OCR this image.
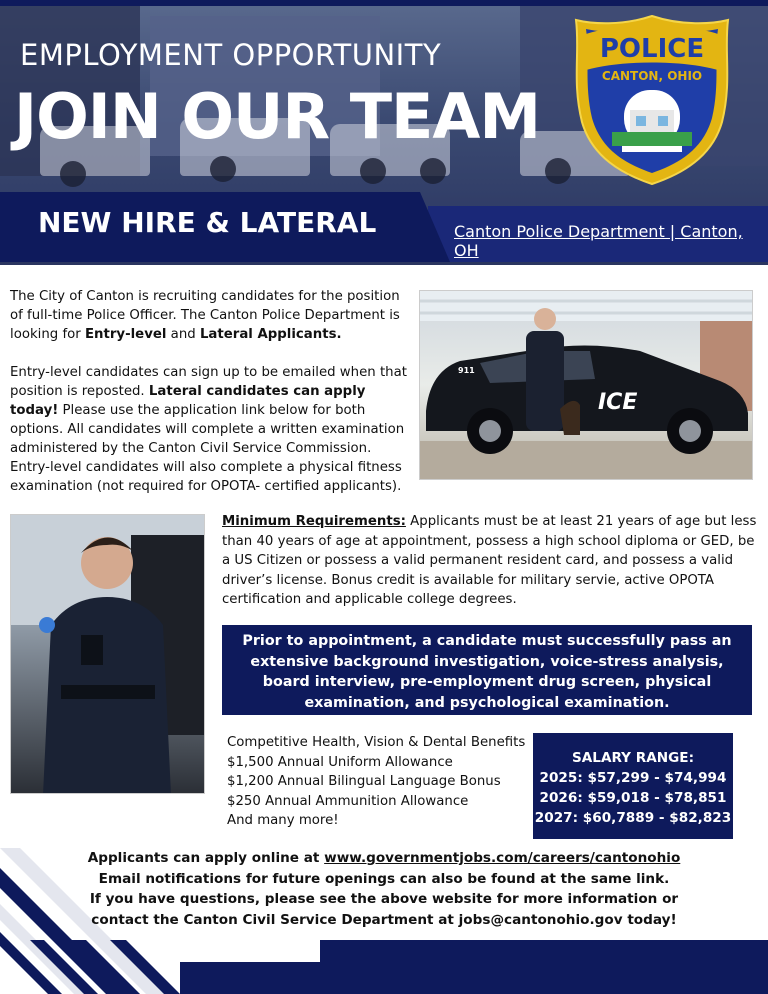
EMPLOYMENT OPPORTUNITY
JOIN OUR TEAM
POLICE
CANTON, OHIO
NEW HIRE & LATERAL	Canton Police Department | Canton, OH

The City of Canton is recruiting candidates for the position of full-time Police Officer. The Canton Police Department is looking for Entry-level and Lateral Applicants.

Entry-level candidates can sign up to be emailed when that position is reposted. Lateral candidates can apply today! Please use the application link below for both options. All candidates will complete a written examination administered by the Canton Civil Service Commission. Entry-level candidates will also complete a physical fitness examination (not required for OPOTA- certified applicants).

ICE
911
Minimum Requirements: Applicants must be at least 21 years of age but less than 40 years of age at appointment, possess a high school diploma or GED, be a US Citizen or possess a valid permanent resident card, and possess a valid driver’s license. Bonus credit is available for military servie, active OPOTA certification and applicable college degrees.
Prior to appointment, a candidate must successfully pass an extensive background investigation, voice-stress analysis, board interview, pre-employment drug screen, physical examination, and psychological examination.
Competitive Health, Vision & Dental Benefits
$1,500 Annual Uniform Allowance
$1,200 Annual Bilingual Language Bonus
$250 Annual Ammunition Allowance
And many more!
SALARY RANGE:
2025: $57,299 - $74,994
2026: $59,018 - $78,851
2027: $60,7889 - $82,823
Applicants can apply online at www.governmentjobs.com/careers/cantonohio
Email notifications for future openings can also be found at the same link.
If you have questions, please see the above website for more information or
contact the Canton Civil Service Department at jobs@cantonohio.gov today!
